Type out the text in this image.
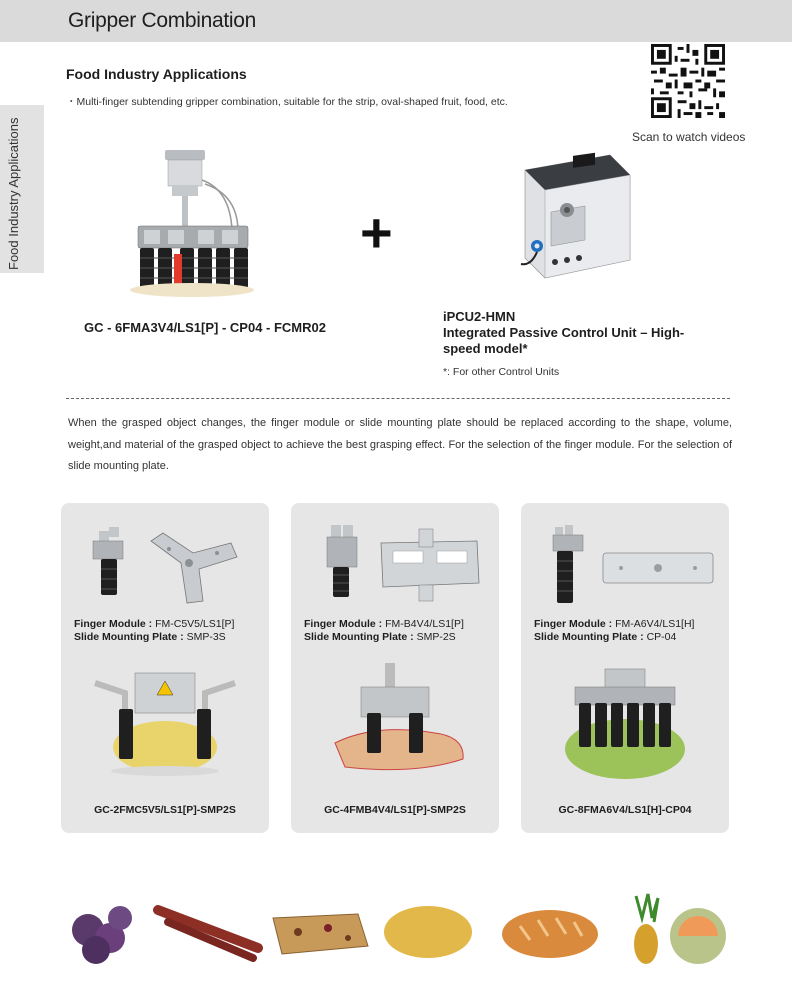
Gripper Combination
Food Industry Applications
Food Industry Applications
・Multi-finger subtending gripper combination, suitable for the strip, oval-shaped fruit, food, etc.
Scan to watch videos
+
GC - 6FMA3V4/LS1[P] - CP04 - FCMR02
iPCU2-HMN
Integrated Passive Control Unit – High-speed model*
*: For other Control Units
When the grasped object changes, the finger module or slide mounting plate should be replaced according to the shape, volume, weight,and material of the grasped object to achieve the best grasping effect. For the selection of the finger module. For the selection of slide mounting plate.
Finger Module : FM-C5V5/LS1[P]
Slide Mounting Plate : SMP-3S
GC-2FMC5V5/LS1[P]-SMP2S
Finger Module : FM-B4V4/LS1[P]
Slide Mounting Plate : SMP-2S
GC-4FMB4V4/LS1[P]-SMP2S
Finger Module : FM-A6V4/LS1[H]
Slide Mounting Plate : CP-04
GC-8FMA6V4/LS1[H]-CP04
